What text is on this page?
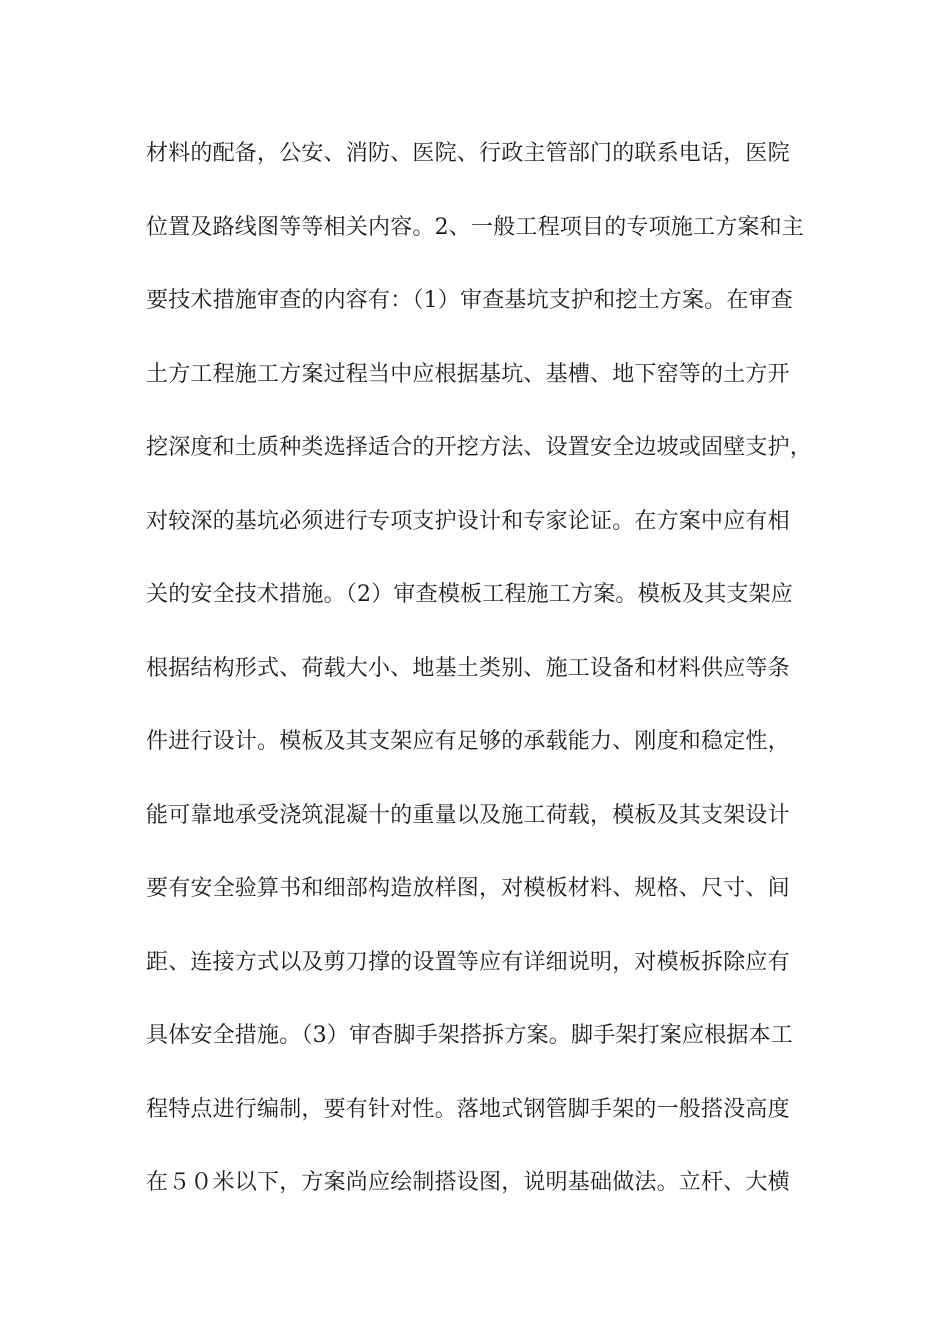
材料的配备，公安、消防、医院、行政主管部门的联系电话，医院
位置及路线图等等相关内容。2、一般工程项目的专项施工方案和主
要技术措施审查的内容有：（1）审查基坑支护和挖土方案。在审查
土方工程施工方案过程当中应根据基坑、基槽、地下窑等的土方开
挖深度和土质种类选择适合的开挖方法、设置安全边坡或固壁支护，
对较深的基坑必须进行专项支护设计和专家论证。在方案中应有相
关的安全技术措施。（2）审查模板工程施工方案。模板及其支架应
根据结构形式、荷载大小、地基土类别、施工设备和材料供应等条
件进行设计。模板及其支架应有足够的承载能力、刚度和稳定性，
能可靠地承受浇筑混凝十的重量以及施工荷载，模板及其支架设计
要有安全验算书和细部构造放样图，对模板材料、规格、尺寸、间
距、连接方式以及剪刀撑的设置等应有详细说明，对模板拆除应有
具体安全措施。（3）审杳脚手架搭拆方案。脚手架打案应根据本工
程特点进行编制，要有针对性。落地式钢管脚手架的一般搭没高度
在５０米以下，方案尚应绘制搭设图，说明基础做法。立杆、大横
